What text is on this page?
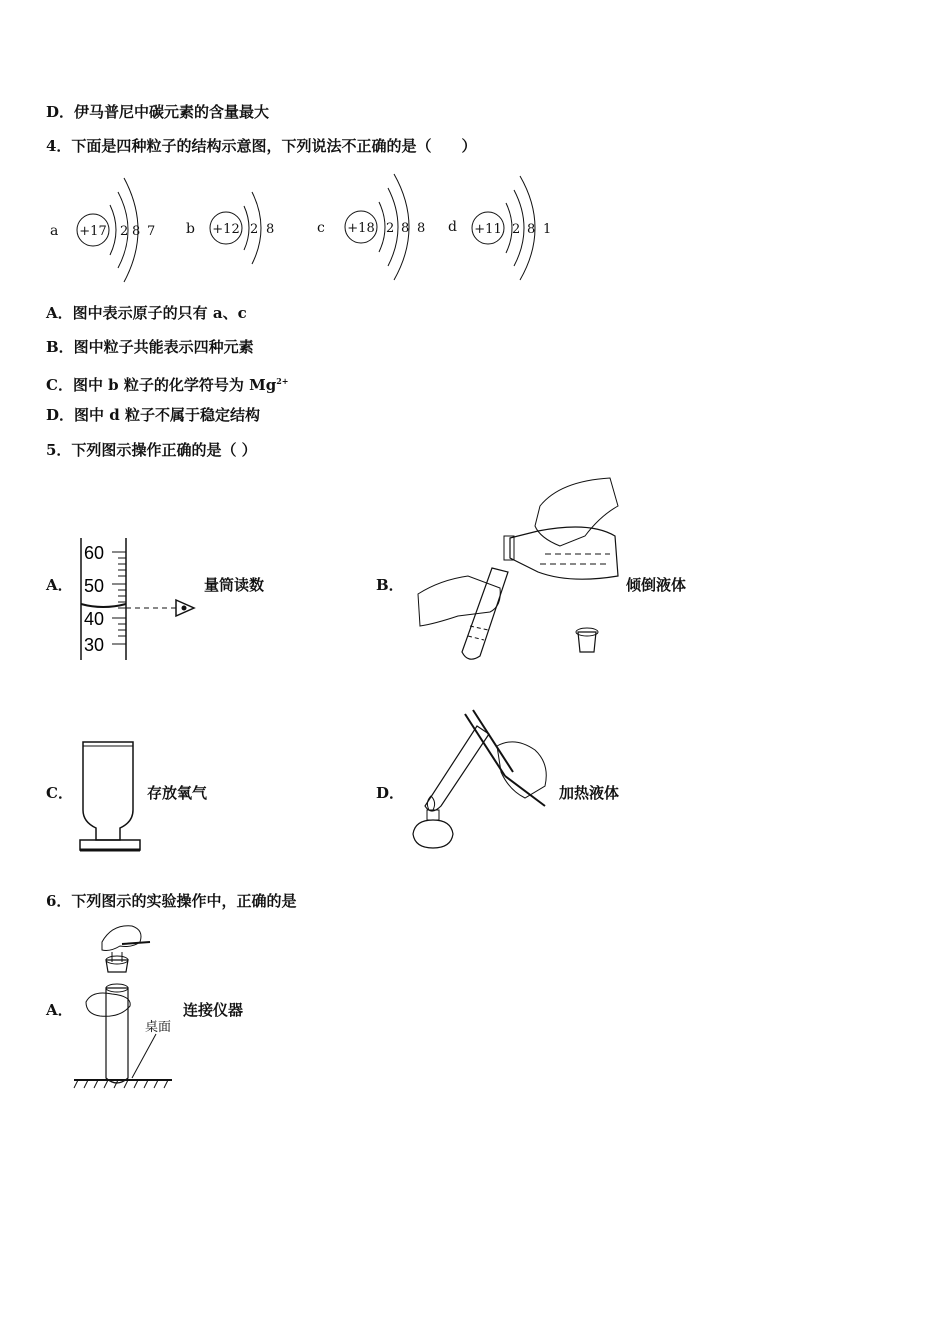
D．伊马普尼中碳元素的含量最大
4．下面是四种粒子的结构示意图，下列说法不正确的是（　　）
a +17 2 8 7 b +12 2 8	c +18 2 8 8 d +11 2 8 1
A．图中表示原子的只有 a、c
B．图中粒子共能表示四种元素
C．图中 b 粒子的化学符号为 $Mg^{2+}$
D．图中 d 粒子不属于稳定结构
5．下列图示操作正确的是（ ）
A．
60
50
40
30
量筒读数	B．	倾倒液体
C．	存放氧气	D．	加热液体
6．下列图示的实验操作中，正确的是
A．
桌面
连接仪器
